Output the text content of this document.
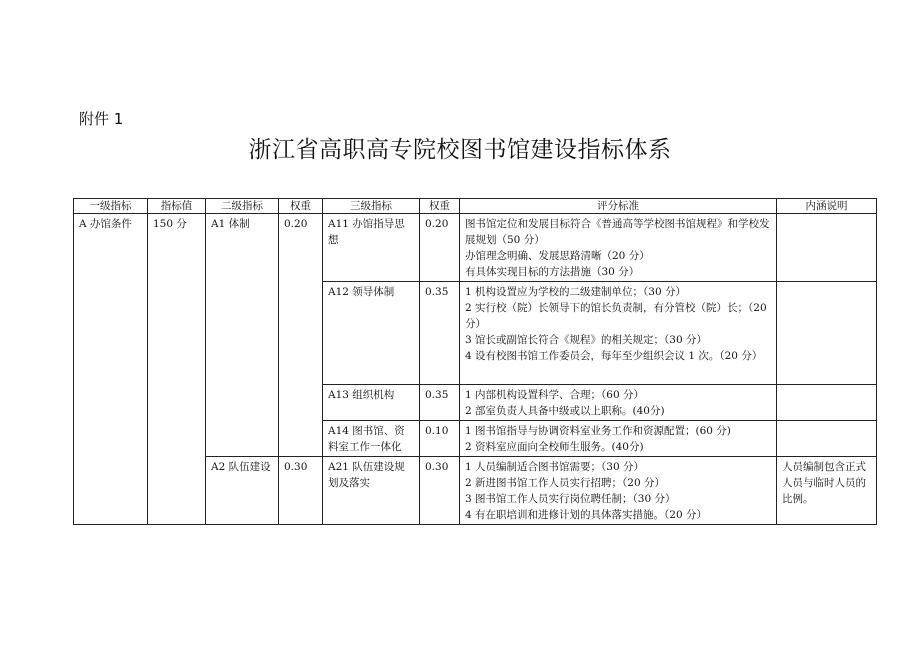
附件 1
浙江省高职高专院校图书馆建设指标体系
一级指标	指标值	二级指标	权重	三级指标	权重	评分标准	内涵说明
A 办馆条件	150 分	A1 体制	0.20	A11 办馆指导思想	0.20	图书馆定位和发展目标符合《普通高等学校图书馆规程》和学校发展规划（50 分）
办馆理念明确、发展思路清晰（20 分）
有具体实现目标的方法措施（30 分）	

				A12 领导体制	0.35	1 机构设置应为学校的二级建制单位；（30 分）
2 实行校（院）长领导下的馆长负责制，有分管校（院）长；（20 分）
3 馆长或副馆长符合《规程》的相关规定；（30 分）
4 设有校图书馆工作委员会，每年至少组织会议 1 次。（20 分）	

				A13 组织机构	0.35	1 内部机构设置科学、合理；（60 分）
2 部室负责人具备中级或以上职称。(40分)	

				A14 图书馆、资料室工作一体化	0.10	1 图书馆指导与协调资料室业务工作和资源配置；(60 分)
2 资料室应面向全校师生服务。(40分)	

		A2 队伍建设	0.30	A21 队伍建设规划及落实	0.30	1 人员编制适合图书馆需要；（30 分）
2 新进图书馆工作人员实行招聘；（20 分）
3 图书馆工作人员实行岗位聘任制；（30 分）
4 有在职培训和进修计划的具体落实措施。（20 分）	人员编制包含正式人员与临时人员的比例。
